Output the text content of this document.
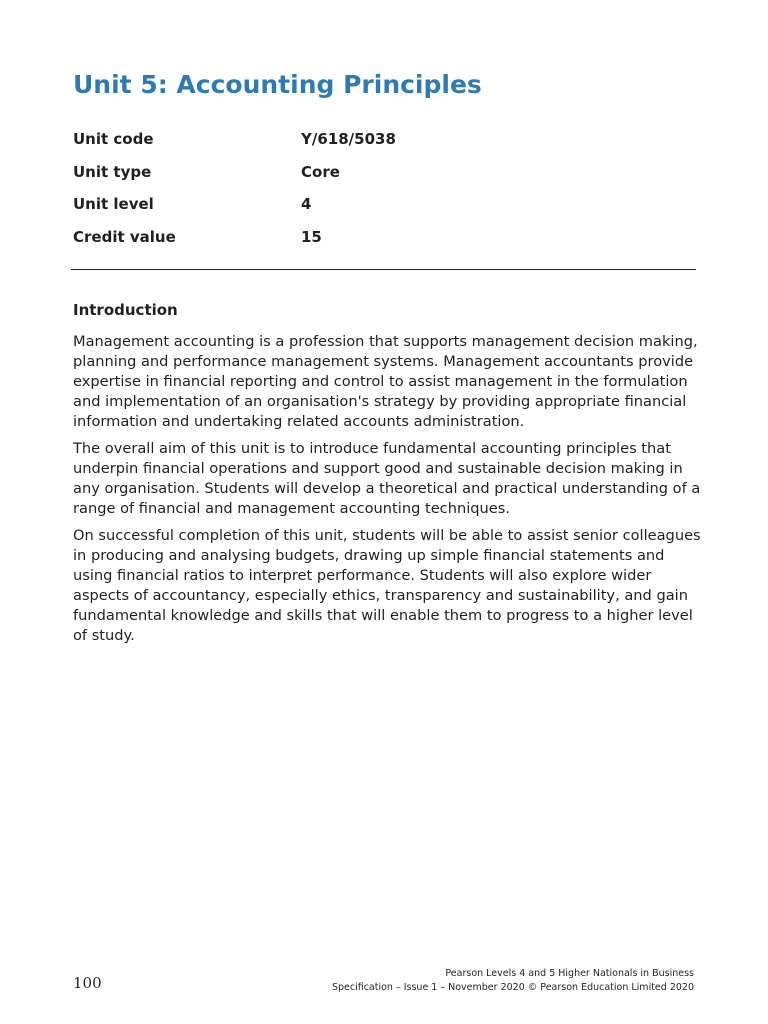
Unit 5: Accounting Principles
Unit code	Y/618/5038
Unit type	Core
Unit level	4
Credit value	15
Introduction

Management accounting is a profession that supports management decision making, planning and performance management systems. Management accountants provide expertise in financial reporting and control to assist management in the formulation and implementation of an organisation's strategy by providing appropriate financial information and undertaking related accounts administration.

The overall aim of this unit is to introduce fundamental accounting principles that underpin financial operations and support good and sustainable decision making in any organisation. Students will develop a theoretical and practical understanding of a range of financial and management accounting techniques.

On successful completion of this unit, students will be able to assist senior colleagues in producing and analysing budgets, drawing up simple financial statements and using financial ratios to interpret performance. Students will also explore wider aspects of accountancy, especially ethics, transparency and sustainability, and gain fundamental knowledge and skills that will enable them to progress to a higher level of study.

100
Pearson Levels 4 and 5 Higher Nationals in Business
Specification – Issue 1 – November 2020 © Pearson Education Limited 2020
